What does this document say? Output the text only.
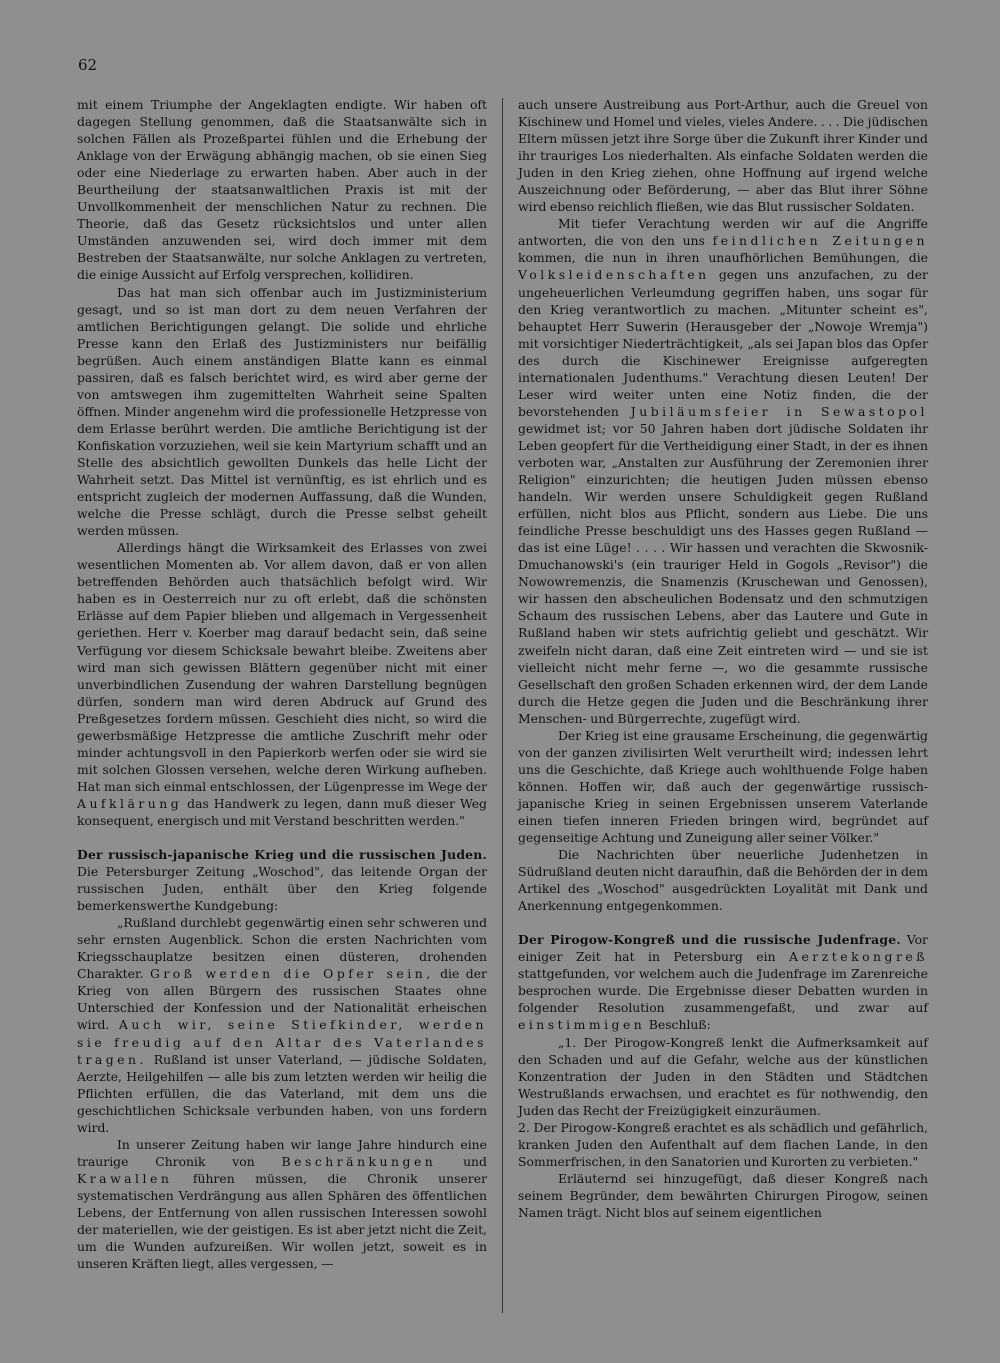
62

mit einem Triumphe der Angeklagten endigte. Wir haben oft dagegen Stellung genommen, daß die Staatsanwälte sich in solchen Fällen als Prozeßpartei fühlen und die Erhebung der Anklage von der Erwägung abhängig machen, ob sie einen Sieg oder eine Niederlage zu erwarten haben. Aber auch in der Beurtheilung der staatsanwaltlichen Praxis ist mit der Unvollkommenheit der menschlichen Natur zu rechnen. Die Theorie, daß das Gesetz rücksichtslos und unter allen Umständen anzuwenden sei, wird doch immer mit dem Bestreben der Staatsanwälte, nur solche Anklagen zu vertreten, die einige Aussicht auf Erfolg versprechen, kollidiren.

Das hat man sich offenbar auch im Justizministerium gesagt, und so ist man dort zu dem neuen Verfahren der amtlichen Berichtigungen gelangt. Die solide und ehrliche Presse kann den Erlaß des Justizministers nur beifällig begrüßen. Auch einem anständigen Blatte kann es einmal passiren, daß es falsch berichtet wird, es wird aber gerne der von amtswegen ihm zugemittelten Wahrheit seine Spalten öffnen. Minder angenehm wird die professionelle Hetzpresse von dem Erlasse berührt werden. Die amtliche Berichtigung ist der Konfiskation vorzuziehen, weil sie kein Martyrium schafft und an Stelle des absichtlich gewollten Dunkels das helle Licht der Wahrheit setzt. Das Mittel ist vernünftig, es ist ehrlich und es entspricht zugleich der modernen Auffassung, daß die Wunden, welche die Presse schlägt, durch die Presse selbst geheilt werden müssen.

Allerdings hängt die Wirksamkeit des Erlasses von zwei wesentlichen Momenten ab. Vor allem davon, daß er von allen betreffenden Behörden auch thatsächlich befolgt wird. Wir haben es in Oesterreich nur zu oft erlebt, daß die schönsten Erlässe auf dem Papier blieben und allgemach in Vergessenheit geriethen. Herr v. Koerber mag darauf bedacht sein, daß seine Verfügung vor diesem Schicksale bewahrt bleibe. Zweitens aber wird man sich gewissen Blättern gegenüber nicht mit einer unverbindlichen Zusendung der wahren Darstellung begnügen dürfen, sondern man wird deren Abdruck auf Grund des Preßgesetzes fordern müssen. Geschieht dies nicht, so wird die gewerbsmäßige Hetzpresse die amtliche Zuschrift mehr oder minder achtungsvoll in den Papierkorb werfen oder sie wird sie mit solchen Glossen versehen, welche deren Wirkung aufheben. Hat man sich einmal entschlossen, der Lügenpresse im Wege der Aufklärung das Handwerk zu legen, dann muß dieser Weg konsequent, energisch und mit Verstand beschritten werden."

Der russisch-japanische Krieg und die russischen Juden. Die Petersburger Zeitung „Woschod", das leitende Organ der russischen Juden, enthält über den Krieg folgende bemerkenswerthe Kundgebung:

„Rußland durchlebt gegenwärtig einen sehr schweren und sehr ernsten Augenblick. Schon die ersten Nachrichten vom Kriegsschauplatze besitzen einen düsteren, drohenden Charakter. Groß werden die Opfer sein, die der Krieg von allen Bürgern des russischen Staates ohne Unterschied der Konfession und der Nationalität erheischen wird. Auch wir, seine Stiefkinder, werden sie freudig auf den Altar des Vaterlandes tragen. Rußland ist unser Vaterland, — jüdische Soldaten, Aerzte, Heilgehilfen — alle bis zum letzten werden wir heilig die Pflichten erfüllen, die das Vaterland, mit dem uns die geschichtlichen Schicksale verbunden haben, von uns fordern wird.

In unserer Zeitung haben wir lange Jahre hindurch eine traurige Chronik von Beschränkungen und Krawallen führen müssen, die Chronik unserer systematischen Verdrängung aus allen Sphären des öffentlichen Lebens, der Entfernung von allen russischen Interessen sowohl der materiellen, wie der geistigen. Es ist aber jetzt nicht die Zeit, um die Wunden aufzureißen. Wir wollen jetzt, soweit es in unseren Kräften liegt, alles vergessen, —

auch unsere Austreibung aus Port-Arthur, auch die Greuel von Kischinew und Homel und vieles, vieles Andere. . . . Die jüdischen Eltern müssen jetzt ihre Sorge über die Zukunft ihrer Kinder und ihr trauriges Los niederhalten. Als einfache Soldaten werden die Juden in den Krieg ziehen, ohne Hoffnung auf irgend welche Auszeichnung oder Beförderung, — aber das Blut ihrer Söhne wird ebenso reichlich fließen, wie das Blut russischer Soldaten.

Mit tiefer Verachtung werden wir auf die Angriffe antworten, die von den uns feindlichen Zeitungen kommen, die nun in ihren unaufhörlichen Bemühungen, die Volksleidenschaften gegen uns anzufachen, zu der ungeheuerlichen Verleumdung gegriffen haben, uns sogar für den Krieg verantwortlich zu machen. „Mitunter scheint es", behauptet Herr Suwerin (Herausgeber der „Nowoje Wremja") mit vorsichtiger Niederträchtigkeit, „als sei Japan blos das Opfer des durch die Kischinewer Ereignisse aufgeregten internationalen Judenthums." Verachtung diesen Leuten! Der Leser wird weiter unten eine Notiz finden, die der bevorstehenden Jubiläumsfeier in Sewastopol gewidmet ist; vor 50 Jahren haben dort jüdische Soldaten ihr Leben geopfert für die Vertheidigung einer Stadt, in der es ihnen verboten war, „Anstalten zur Ausführung der Zeremonien ihrer Religion" einzurichten; die heutigen Juden müssen ebenso handeln. Wir werden unsere Schuldigkeit gegen Rußland erfüllen, nicht blos aus Pflicht, sondern aus Liebe. Die uns feindliche Presse beschuldigt uns des Hasses gegen Rußland — das ist eine Lüge! . . . . Wir hassen und verachten die Skwosnik-Dmuchanowski's (ein trauriger Held in Gogols „Revisor") die Nowowremenzis, die Snamenzis (Kruschewan und Genossen), wir hassen den abscheulichen Bodensatz und den schmutzigen Schaum des russischen Lebens, aber das Lautere und Gute in Rußland haben wir stets aufrichtig geliebt und geschätzt. Wir zweifeln nicht daran, daß eine Zeit eintreten wird — und sie ist vielleicht nicht mehr ferne —, wo die gesammte russische Gesellschaft den großen Schaden erkennen wird, der dem Lande durch die Hetze gegen die Juden und die Beschränkung ihrer Menschen- und Bürgerrechte, zugefügt wird.

Der Krieg ist eine grausame Erscheinung, die gegenwärtig von der ganzen zivilisirten Welt verurtheilt wird; indessen lehrt uns die Geschichte, daß Kriege auch wohlthuende Folge haben können. Hoffen wir, daß auch der gegenwärtige russisch-japanische Krieg in seinen Ergebnissen unserem Vaterlande einen tiefen inneren Frieden bringen wird, begründet auf gegenseitige Achtung und Zuneigung aller seiner Völker."

Die Nachrichten über neuerliche Judenhetzen in Südrußland deuten nicht daraufhin, daß die Behörden der in dem Artikel des „Woschod" ausgedrückten Loyalität mit Dank und Anerkennung entgegenkommen.

Der Pirogow-Kongreß und die russische Judenfrage. Vor einiger Zeit hat in Petersburg ein Aerztekongreß stattgefunden, vor welchem auch die Judenfrage im Zarenreiche besprochen wurde. Die Ergebnisse dieser Debatten wurden in folgender Resolution zusammengefaßt, und zwar auf einstimmigen Beschluß:

„1. Der Pirogow-Kongreß lenkt die Aufmerksamkeit auf den Schaden und auf die Gefahr, welche aus der künstlichen Konzentration der Juden in den Städten und Städtchen Westrußlands erwachsen, und erachtet es für nothwendig, den Juden das Recht der Freizügigkeit einzuräumen.

2. Der Pirogow-Kongreß erachtet es als schädlich und gefährlich, kranken Juden den Aufenthalt auf dem flachen Lande, in den Sommerfrischen, in den Sanatorien und Kurorten zu verbieten."

Erläuternd sei hinzugefügt, daß dieser Kongreß nach seinem Begründer, dem bewährten Chirurgen Pirogow, seinen Namen trägt. Nicht blos auf seinem eigentlichen
